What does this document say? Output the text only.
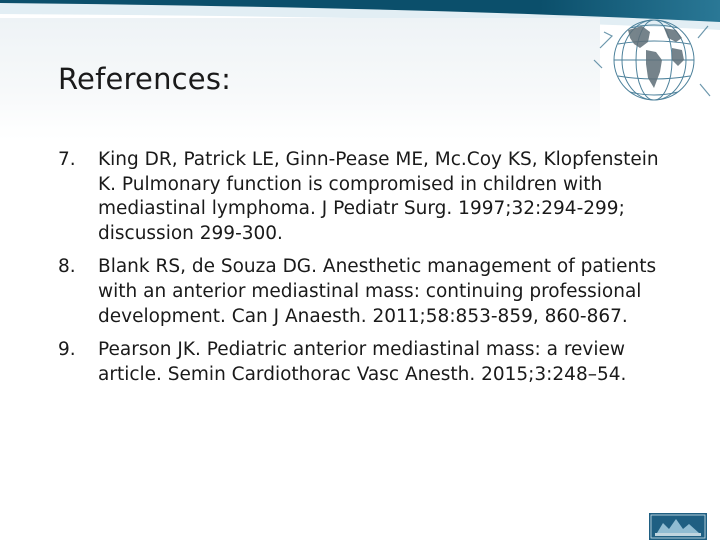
References:
7. King DR, Patrick LE, Ginn-Pease ME, Mc.Coy KS, Klopfenstein K. Pulmonary function is compromised in children with mediastinal lymphoma. J Pediatr Surg. 1997;32:294-299; discussion 299-300.
8. Blank RS, de Souza DG. Anesthetic management of patients with an anterior mediastinal mass: continuing professional development. Can J Anaesth. 2011;58:853-859, 860-867.
9. Pearson JK. Pediatric anterior mediastinal mass: a review article. Semin Cardiothorac Vasc Anesth. 2015;3:248–54.
